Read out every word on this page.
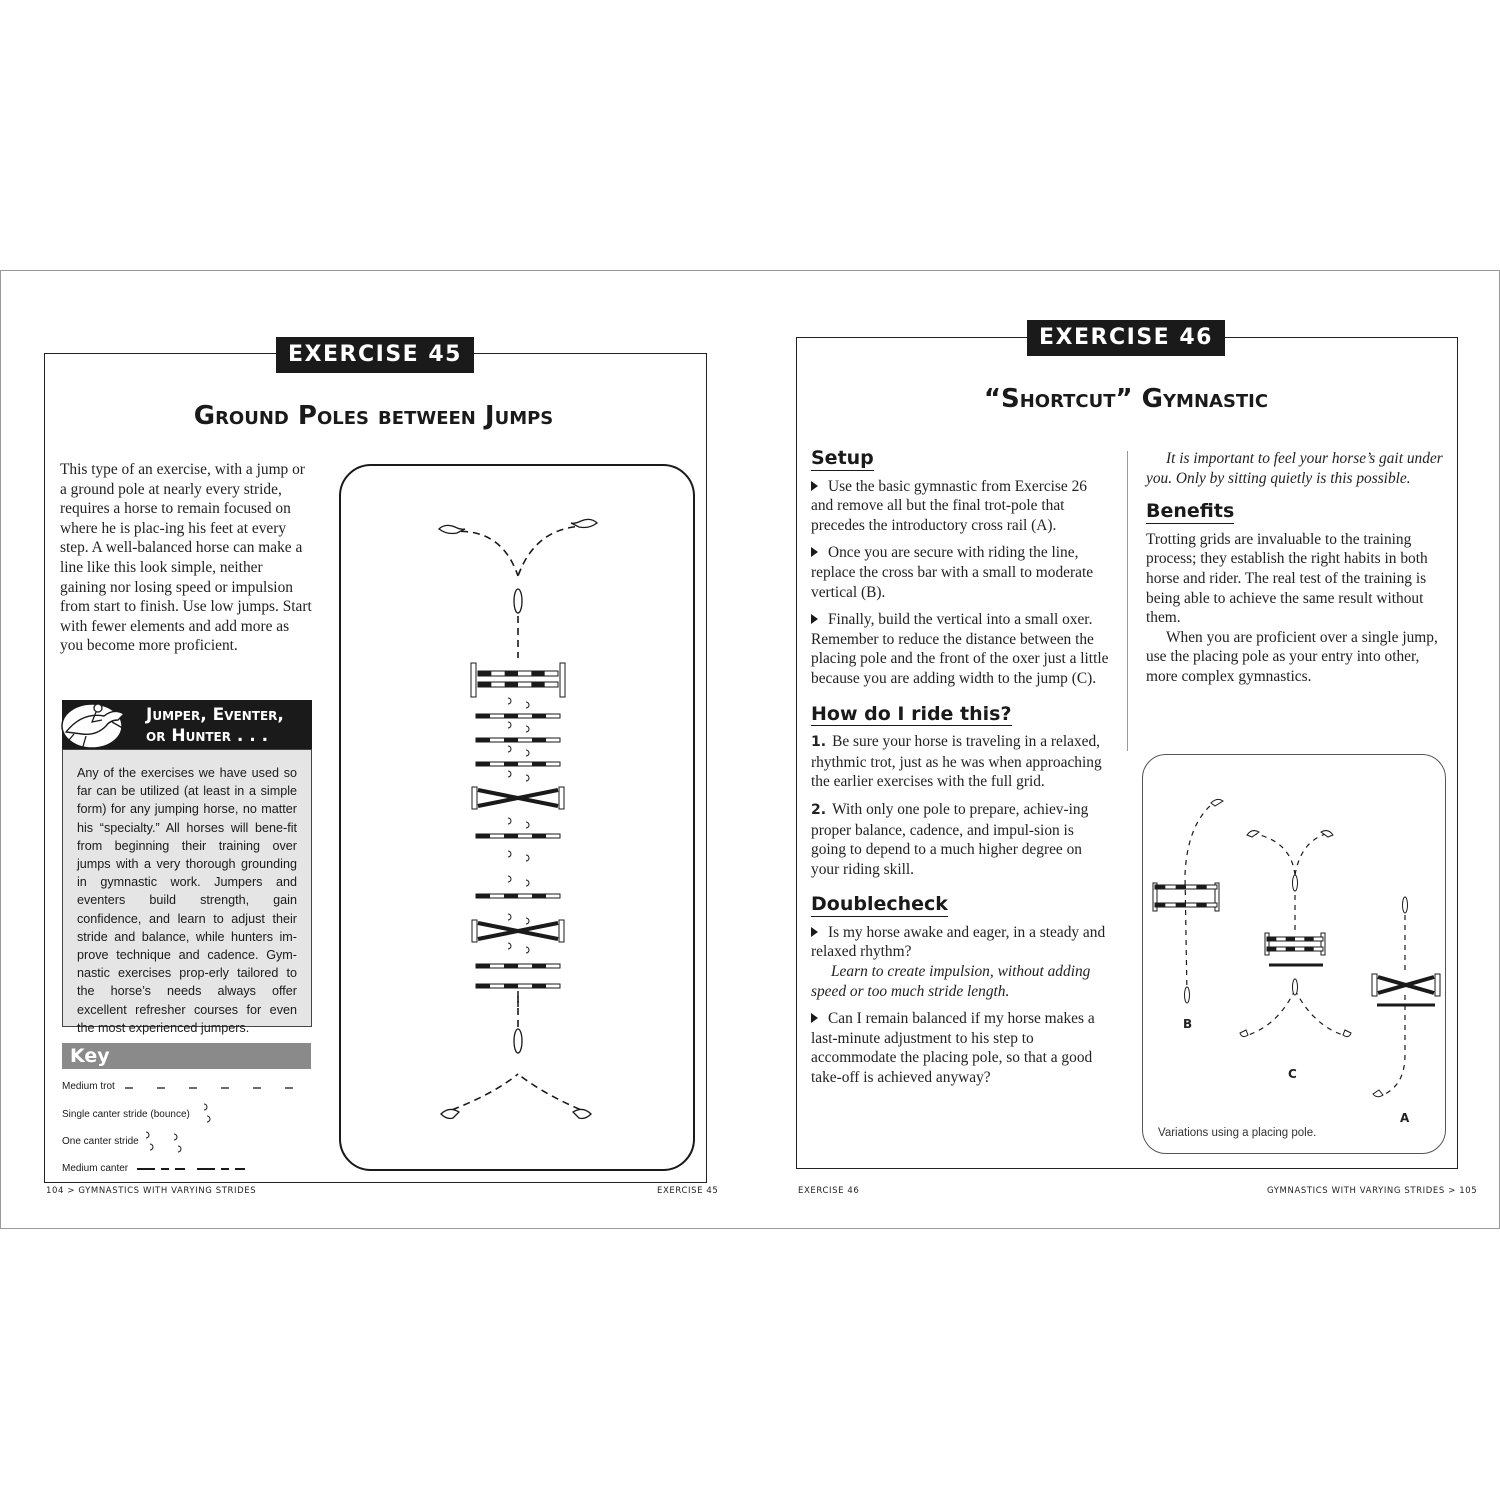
EXERCISE 45
Ground Poles between Jumps
This type of an exercise, with a jump or a ground pole at nearly every stride, requires a horse to remain focused on where he is plac-ing his feet at every step. A well-balanced horse can make a line like this look simple, neither gaining nor losing speed or impulsion from start to finish. Use low jumps. Start with fewer elements and add more as you become more proficient.
Jumper, Eventer,
or Hunter . . .
Any of the exercises we have used so far can be utilized (at least in a simple form) for any jumping horse, no matter his “specialty.” All horses will bene-fit from beginning their training over jumps with a very thorough grounding in gymnastic work. Jumpers and eventers build strength, gain confidence, and learn to adjust their stride and balance, while hunters im-prove technique and cadence. Gym-nastic exercises prop-erly tailored to the horse’s needs always offer excellent refresher courses for even the most experienced jumpers.
Key
Medium trot
Single canter stride (bounce)
One canter stride
Medium canter
104 > GYMNASTICS WITH VARYING STRIDES	EXERCISE 45
EXERCISE 46
“Shortcut” Gymnastic
Setup

Use the basic gymnastic from Exercise 26 and remove all but the final trot-pole that precedes the introductory cross rail (A).

Once you are secure with riding the line, replace the cross bar with a small to moderate vertical (B).

Finally, build the vertical into a small oxer. Remember to reduce the distance between the placing pole and the front of the oxer just a little because you are adding width to the jump (C).

How do I ride this?

1. Be sure your horse is traveling in a relaxed, rhythmic trot, just as he was when approaching the earlier exercises with the full grid.

2. With only one pole to prepare, achiev-ing proper balance, cadence, and impul-sion is going to depend to a much higher degree on your riding skill.

Doublecheck

Is my horse awake and eager, in a steady and relaxed rhythm?

Learn to create impulsion, without adding speed or too much stride length.

Can I remain balanced if my horse makes a last-minute adjustment to his step to accommodate the placing pole, so that a good take-off is achieved anyway?

It is important to feel your horse’s gait under you. Only by sitting quietly is this possible.

Benefits

Trotting grids are invaluable to the training process; they establish the right habits in both horse and rider. The real test of the training is being able to achieve the same result without them.

When you are proficient over a single jump, use the placing pole as your entry into other, more complex gymnastics.

B
C
A
Variations using a placing pole.
EXERCISE 46	GYMNASTICS WITH VARYING STRIDES > 105
